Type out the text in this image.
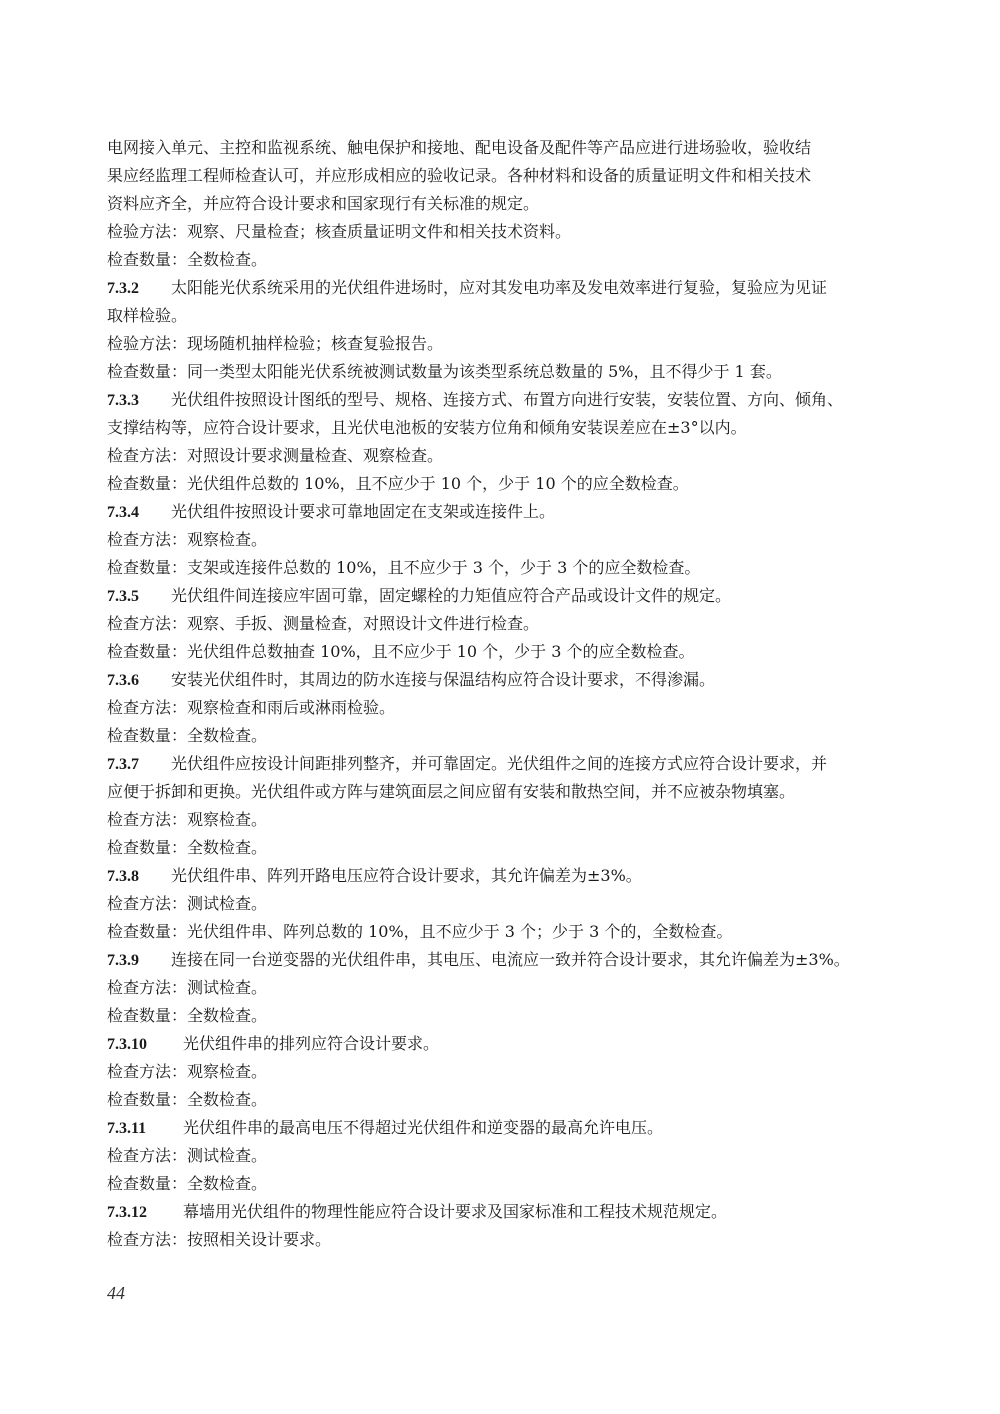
电网接入单元、主控和监视系统、触电保护和接地、配电设备及配件等产品应进行进场验收，验收结
果应经监理工程师检查认可，并应形成相应的验收记录。各种材料和设备的质量证明文件和相关技术
资料应齐全，并应符合设计要求和国家现行有关标准的规定。
检验方法：观察、尺量检查；核查质量证明文件和相关技术资料。
检查数量：全数检查。
7.3.2 太阳能光伏系统采用的光伏组件进场时，应对其发电功率及发电效率进行复验，复验应为见证
取样检验。
检验方法：现场随机抽样检验；核查复验报告。
检查数量：同一类型太阳能光伏系统被测试数量为该类型系统总数量的 5%，且不得少于 1 套。
7.3.3 光伏组件按照设计图纸的型号、规格、连接方式、布置方向进行安装，安装位置、方向、倾角、
支撑结构等，应符合设计要求，且光伏电池板的安装方位角和倾角安装误差应在±3°以内。
检查方法：对照设计要求测量检查、观察检查。
检查数量：光伏组件总数的 10%，且不应少于 10 个，少于 10 个的应全数检查。
7.3.4 光伏组件按照设计要求可靠地固定在支架或连接件上。
检查方法：观察检查。
检查数量：支架或连接件总数的 10%，且不应少于 3 个，少于 3 个的应全数检查。
7.3.5 光伏组件间连接应牢固可靠，固定螺栓的力矩值应符合产品或设计文件的规定。
检查方法：观察、手扳、测量检查，对照设计文件进行检查。
检查数量：光伏组件总数抽查 10%，且不应少于 10 个，少于 3 个的应全数检查。
7.3.6 安装光伏组件时，其周边的防水连接与保温结构应符合设计要求，不得渗漏。
检查方法：观察检查和雨后或淋雨检验。
检查数量：全数检查。
7.3.7 光伏组件应按设计间距排列整齐，并可靠固定。光伏组件之间的连接方式应符合设计要求，并
应便于拆卸和更换。光伏组件或方阵与建筑面层之间应留有安装和散热空间，并不应被杂物填塞。
检查方法：观察检查。
检查数量：全数检查。
7.3.8 光伏组件串、阵列开路电压应符合设计要求，其允许偏差为±3%。
检查方法：测试检查。
检查数量：光伏组件串、阵列总数的 10%，且不应少于 3 个；少于 3 个的，全数检查。
7.3.9 连接在同一台逆变器的光伏组件串，其电压、电流应一致并符合设计要求，其允许偏差为±3%。
检查方法：测试检查。
检查数量：全数检查。
7.3.10 光伏组件串的排列应符合设计要求。
检查方法：观察检查。
检查数量：全数检查。
7.3.11 光伏组件串的最高电压不得超过光伏组件和逆变器的最高允许电压。
检查方法：测试检查。
检查数量：全数检查。
7.3.12 幕墙用光伏组件的物理性能应符合设计要求及国家标准和工程技术规范规定。
检查方法：按照相关设计要求。
44
